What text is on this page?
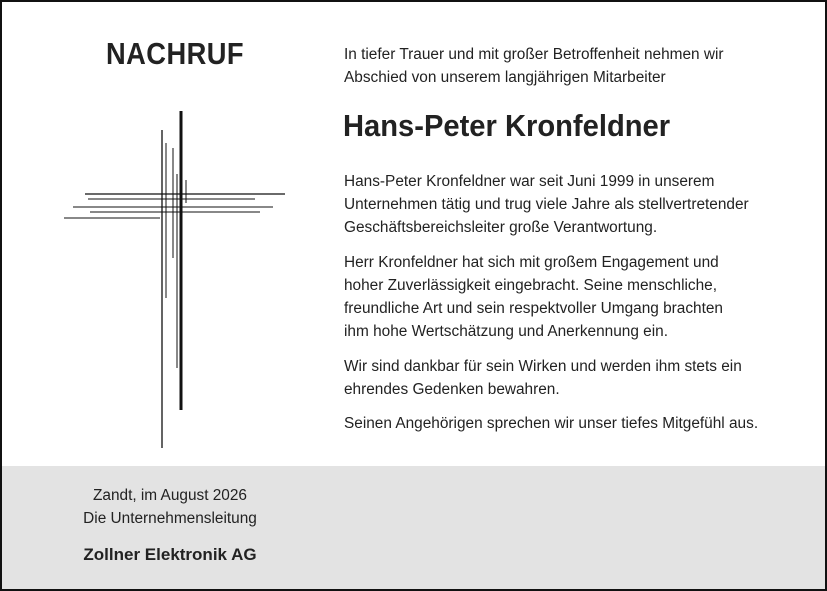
NACHRUF	In tiefer Trauer und mit großer Betroffenheit nehmen wir
Abschied von unserem langjährigen Mitarbeiter
Hans-Peter Kronfeldner
Hans-Peter Kronfeldner war seit Juni 1999 in unserem
Unternehmen tätig und trug viele Jahre als stellvertretender
Geschäftsbereichsleiter große Verantwortung.
Herr Kronfeldner hat sich mit großem Engagement und
hoher Zuverlässigkeit eingebracht. Seine menschliche,
freundliche Art und sein respektvoller Umgang brachten
ihm hohe Wertschätzung und Anerkennung ein.
Wir sind dankbar für sein Wirken und werden ihm stets ein
ehrendes Gedenken bewahren.
Seinen Angehörigen sprechen wir unser tiefes Mitgefühl aus.
Zandt, im August 2026
Die Unternehmensleitung
Zollner Elektronik AG
